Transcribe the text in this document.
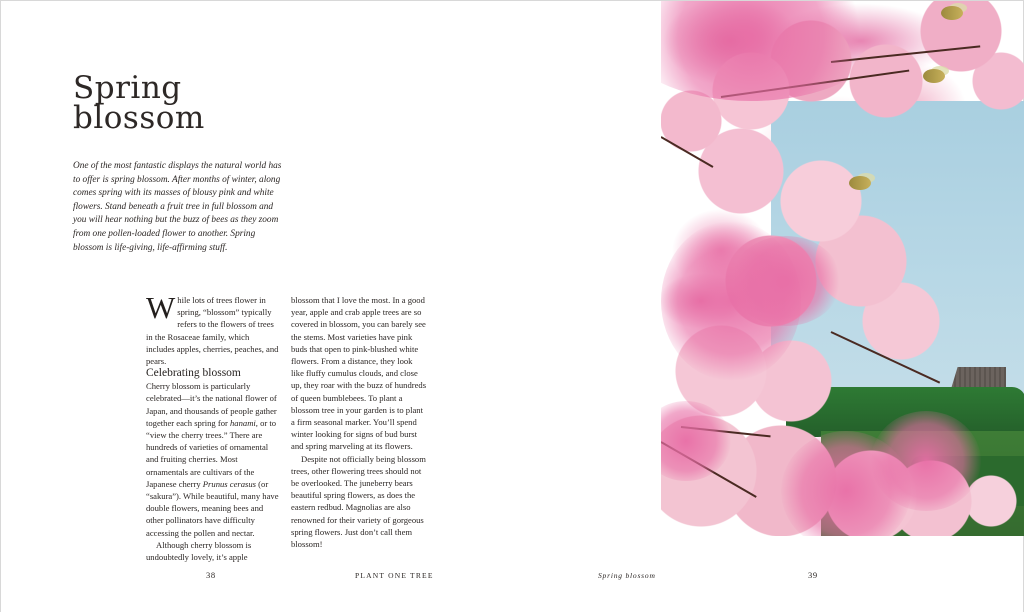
Spring
blossom

One of the most fantastic displays the natural world has to offer is spring blossom. After months of winter, along comes spring with its masses of blousy pink and white flowers. Stand beneath a fruit tree in full blossom and you will hear nothing but the buzz of bees as they zoom from one pollen-loaded flower to another. Spring blossom is life-giving, life-affirming stuff.

While lots of trees flower in spring, “blossom” typically refers to the flowers of trees in the Rosaceae family, which includes apples, cherries, peaches, and pears.

Celebrating blossom

Cherry blossom is particularly celebrated—it’s the national flower of Japan, and thousands of people gather together each spring for hanami, or to “view the cherry trees.” There are hundreds of varieties of ornamental and fruiting cherries. Most ornamentals are cultivars of the Japanese cherry Prunus cerasus (or “sakura”). While beautiful, many have double flowers, meaning bees and other pollinators have difficulty accessing the pollen and nectar.

Although cherry blossom is undoubtedly lovely, it’s apple

blossom that I love the most. In a good year, apple and crab apple trees are so covered in blossom, you can barely see the stems. Most varieties have pink buds that open to pink-blushed white flowers. From a distance, they look like fluffy cumulus clouds, and close up, they roar with the buzz of hundreds of queen bumblebees. To plant a blossom tree in your garden is to plant a firm seasonal marker. You’ll spend winter looking for signs of bud burst and spring marveling at its flowers.

Despite not officially being blossom trees, other flowering trees should not be overlooked. The juneberry bears beautiful spring flowers, as does the eastern redbud. Magnolias are also renowned for their variety of gorgeous spring flowers. Just don’t call them blossom!

38	PLANT ONE TREE	Spring blossom	39
